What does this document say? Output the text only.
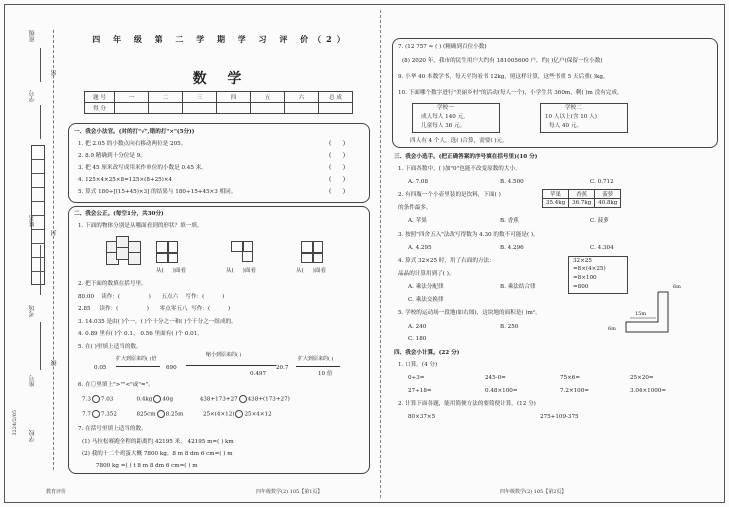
班级
学号
姓名
考场
座号
学校
3224/2/05
密
封
线
四 年 级 第 二 学 期 学 习 评 价（2）
数 学
题 号	一	二	三	四	五	六	总 成
得 分							
一、我会小法官。(对的打"√",错的打"×"(5分))
1. 把 2.05 的小数点向右移动两位是 205。
2. 8.9 精确到十分位是 9。
3. 把 45 厘米改写成用米作单位的小数是 0.45 米。
4. 125×4×25×8=125×(8+25)×4
5. 算式 180÷[(15+45)×3] 的结果与 180÷15+45×3 相同。
(      )
(      )
(      )
(      )
(      )
二、我会公正。(每空1分，共30分)
1. 下面的物体分别是从哪面看到的形状？填一填。
从( )面看	从( )面看	从( )面看
2. 把下面的数填在括号里。
80.00 读作：(	) 五点六 写作：(	)
2.85 读作：(	) 零点零五八 写作：(	)
3. 14.035 是由( )个一，( )个十分之一和( )个千分之一组成的。
4. 0.89 里有( )个 0.1。 0.56 里面有( )个 0.01。
5. 在( )里填上适当的数。
扩大到原来的( )倍
缩小到原来的( )
扩大到原来的( )
0.05	690
0.497
20.7
10 倍
6. 在〇里填上">""<"或"="。
7.3 7.03	0.4kg 40g	438+173+27 438+(173+27)
7.7 7.352	825cm 8.25m	25×(4×12) 25×4×12
7. 在括号里填上适当的数。
(1) 马拉松赛跑全程的距离约 42195 米。 42195 m=( ) km
(2) 我的十二个鸡蛋大概 7800 kg。8 m 8 dm 6 cm=( ) m
7800 kg =( ) t 8 m 8 dm 6 cm=( ) m
教育评价	四年级数学(2) 105【第1页】
7. (12 757 ≈ ( ) (精确到百位小数)
(8) 2020 年，我市的民生用户大约有 181005600 户，约( )亿户(保留一位小数)
9. 小华 40 本数学书，每天平均看书 12kg，照这样计算，这些书重 5 天后重( )kg。
10. 下面哪个数字进行"美丽乡村"的活动(每人一个)，小学生共 360m，剩( )m 没有完成。
学校一
成人每人 140 元,
儿童每人 36 元。
学校二
10 人以上(含 10 人)
每人 40 元。
四人有 4 个人，选( )合算，需要( )元。
三、我会小选手。(把正确答案的序号填在括号里)(10 分)
1. 下面各数中，( )加"0"也能不改变原数的大小。
A. 7.08	B. 4.500	C. 0.712
2. 有四瓶一个小壶里装的是饮料，下面( )	苹果	香蕉	菠萝
35.4kg	36.7kg	40.8kg
的条件最多。
A. 苹果	B. 香蕉	C. 菠萝
3. 按照"四舍五入"法改写得数为 4.30 的数不可能是( )。
A. 4.295	B. 4.296	C. 4.304
4. 算式 32×25 时，用了右面的方法：	32×25
=8×(4×25)
=8×100
=800
晶晶的计算用到了( )。
A. 乘法分配律	B. 乘法结合律
C. 乘法交换律
5. 学校的运动场一段地(如右图)，这块地的面积是( )m²。
A. 240	B. 250
C. 180
15m
6m
6m
四、我会小计算。(22 分)
1. 口算。(4 分)
0÷3=	245-0=	75×6=	25×20=
27÷18=	0.48×100=	7.2×100=	3.04×1000=
2. 计算下面各题，能用简便方法的要简便计算。(12 分)
80×37×5	275+109-375
四年级数学(2) 105【第2页】
